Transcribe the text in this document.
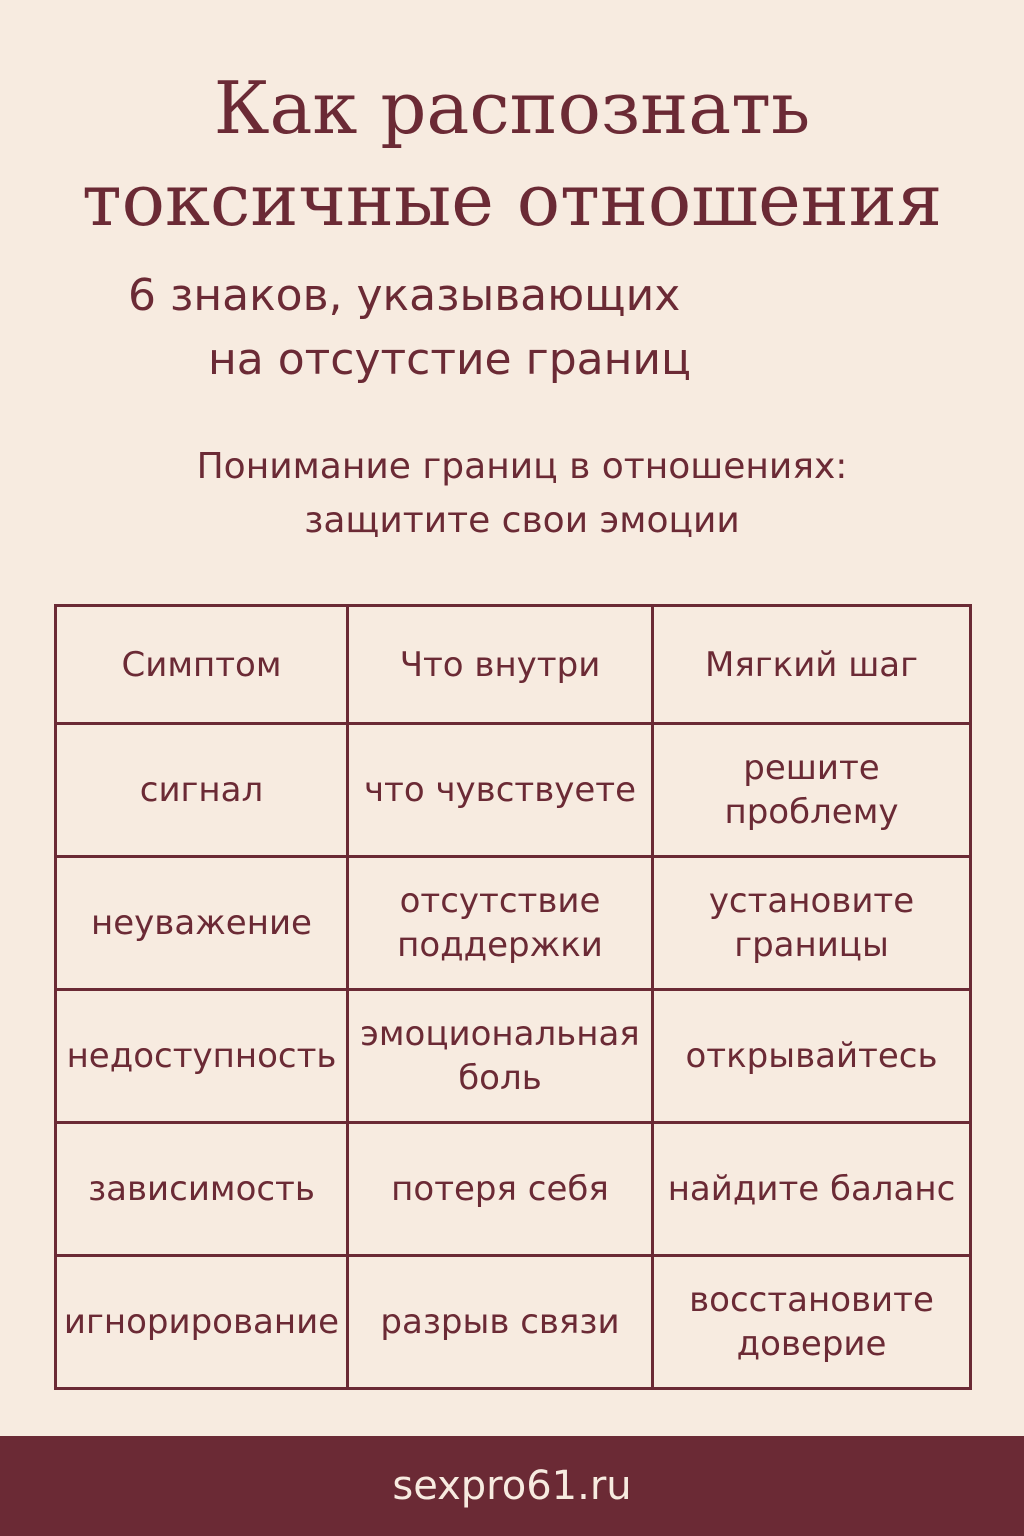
Как распознать
токсичные отношения
6 знаков, указывающих
на отсутстие границ
Понимание границ в отношениях:
защитите свои эмоции
Симптом	Что внутри	Мягкий шаг
сигнал	что чувствуете	решите проблему
неуважение	отсутствие поддержки	установите границы
недоступность	эмоциональная боль	открывайтесь
зависимость	потеря себя	найдите баланс
игнорирование	разрыв связи	восстановите доверие
sexpro61.ru
